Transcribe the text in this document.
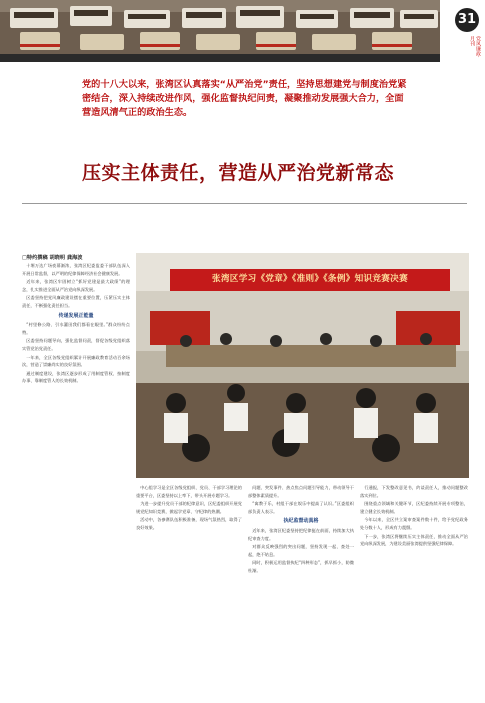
31
党风廉政·月刊
党的十八大以来，张湾区认真落实“从严治党”责任，坚持思想建党与制度治党紧密结合，深入持续改进作风，强化监督执纪问责，凝聚推动发展强大合力，全面营造风清气正的政治生态。
压实主体责任，营造从严治党新常态
□特约撰稿 胡晓明 龚海波

十堰万达广场夜幕渐浓，张湾区纪委监委干部队伍深入开展日常监督，以严明的纪律保障经济社会健康发展。

近年来，张湾区牢固树立“抓好党建是最大政绩”的理念，扎实推进全面从严治党向纵深发展。

区委坚持把党风廉政建设摆在重要位置，压紧压实主体责任，不断强化责任担当。

传递发展正能量

“村里修公路、引水灌田我们都看在眼里。”群众纷纷点赞。

区委坚持问题导向，强化监督问责，督促各级党组织落实管党治党责任。

一年来，全区各级党组织累计开展廉政教育活动百余场次，营造了崇廉尚实的良好氛围。

通过制度建设，张湾区逐步形成了用制度管权、按制度办事、靠制度管人的长效机制。

张湾区学习《党章》《准则》《条例》知识竞赛决赛

中心组学习是全区各级党组织、党员、干部学习理论的重要平台，区委坚持以上率下，带头开展专题学习。

为进一步提升党员干部的纪律意识，区纪委组织开展党规党纪知识竞赛，掀起学党章、守纪律的热潮。

活动中，各参赛队伍积极准备，现场气氛热烈，取得了良好效果。

问题、突发事件、热点焦点问题引导能力，带动领导干部整体素质提升。

“寓教于乐，村组干部在娱乐中提高了认识。”区委组织部负责人表示。

执纪监督动真格

近年来，张湾区纪委坚持把纪律挺在前面，持续加大执纪审查力度。

对群众反映强烈的突出问题，坚持发现一起、查处一起，绝不姑息。

同时，积极运用监督执纪“四种形态”，抓早抓小，防微杜渐。

行通报，下发整改意见书，约谈责任人，推动问题整改落实到位。

围绕重点领域和关键环节，区纪委持续开展专项整治，建立健全长效机制。

今年以来，全区共立案审查案件数十件，给予党纪政务处分数十人，形成有力震慑。

下一步，张湾区将继续压实主体责任，推动全面从严治党向纵深发展，为建设美丽张湾提供坚强纪律保障。
